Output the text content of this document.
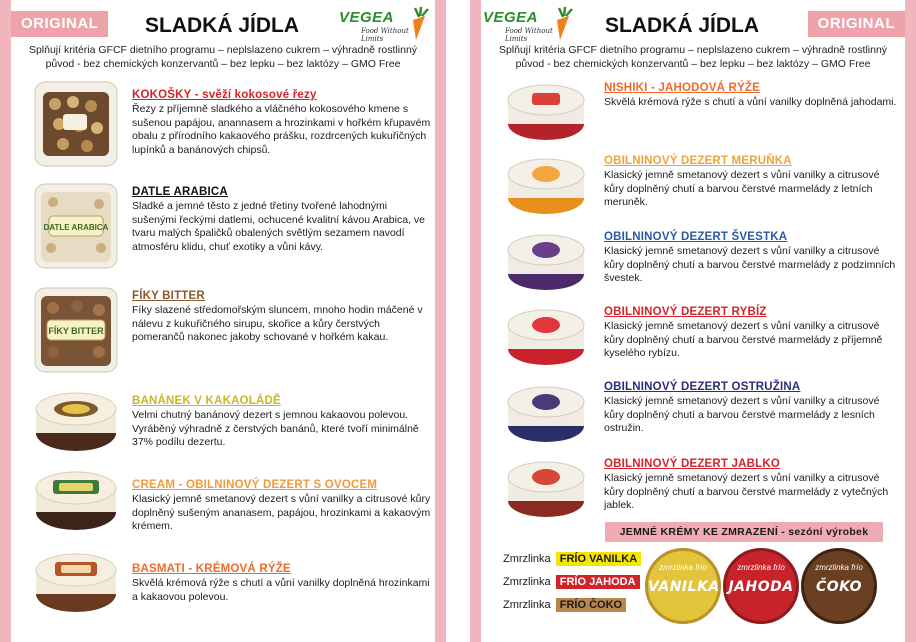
ORIGINAL	SLADKÁ JÍDLA	VEGEA
Food Without Limits
Splňují kritéria GFCF dietního programu – neplslazeno cukrem – výhradně rostlinný
původ - bez chemických konzervantů – bez lepku – bez laktózy – GMO Free
KOKOŠKY - svěží kokosové řezy
Řezy z příjemně sladkého a vláčného kokosového kmene s sušenou papájou, anannasem a hrozinkami v hořkém křupavém obalu z přírodního kakaového prášku, rozdrcených kukuřičných lupínků a banánových chipsů.
DATLE ARABICA
DATLE ARABICA
Sladké a jemné těsto z jedné třetiny tvořené lahodnými sušenými řeckými datlemi, ochucené kvalitní kávou Arabica, ve tvaru malých špaličků obalených světlým sezamem navodí atmosféru klidu, chuť exotiky a vůni kávy.
FÍKY BITTER
FÍKY BITTER
Fíky slazené středomořským sluncem, mnoho hodin máčené v nálevu z kukuřičného sirupu, skořice a kůry čerstvých pomerančů nakonec jakoby schované v hořkém kakau.
BANÁNEK V KAKAOLÁDĚ
Velmi chutný banánový dezert s jemnou kakaovou polevou. Vyráběný výhradně z čerstvých banánů, které tvoří minimálně 37% podílu dezertu.
CREAM - OBILNINOVÝ DEZERT S OVOCEM
Klasický jemně smetanový dezert s vůní vanilky a citrusové kůry doplněný sušeným ananasem, papájou, hrozinkami a kakaovým krémem.
BASMATI - KRÉMOVÁ RÝŽE
Skvělá krémová rýže s chutí a vůní vanilky doplněná hrozinkami a kakaovou polevou.
ORIGINAL
SLADKÁ JÍDLA
VEGEA
Food Without Limits
Splňují kritéria GFCF dietního programu – neplslazeno cukrem – výhradně rostlinný
původ - bez chemických konzervantů – bez lepku – bez laktózy – GMO Free
NISHIKI - JAHODOVÁ RÝŽE
Skvělá krémová rýže s chutí a vůní vanilky doplněná jahodami.
OBILNINOVÝ DEZERT MERUŇKA
Klasický jemně smetanový dezert s vůní vanilky a citrusové kůry doplněný chutí a barvou čerstvé marmelády z letních meruněk.
OBILNINOVÝ DEZERT ŠVESTKA
Klasický jemně smetanový dezert s vůní vanilky a citrusové kůry doplněný chutí a barvou čerstvé marmelády z podzimních švestek.
OBILNINOVÝ DEZERT RYBÍZ
Klasický jemně smetanový dezert s vůní vanilky a citrusové kůry doplněný chutí a barvou čerstvé marmelády z příjemně kyselého rybízu.
OBILNINOVÝ DEZERT OSTRUŽINA
Klasický jemně smetanový dezert s vůní vanilky a citrusové kůry doplněný chutí a barvou čerstvé marmelády z lesních ostružin.
OBILNINOVÝ DEZERT JABLKO
Klasický jemně smetanový dezert s vůní vanilky a citrusové kůry doplněný chutí a barvou čerstvé marmelády z vytečných jablek.
JEMNÉ KRÉMY KE ZMRAZENÍ - sezóní výrobek
Zmrzlinka FRÍO VANILKA
Zmrzlinka FRÍO JAHODA
Zmrzlinka FRÍO ČOKO
zmrzlinka frío
VANILKA
zmrzlinka frío
JAHODA
zmrzlinka frío
ČOKO
